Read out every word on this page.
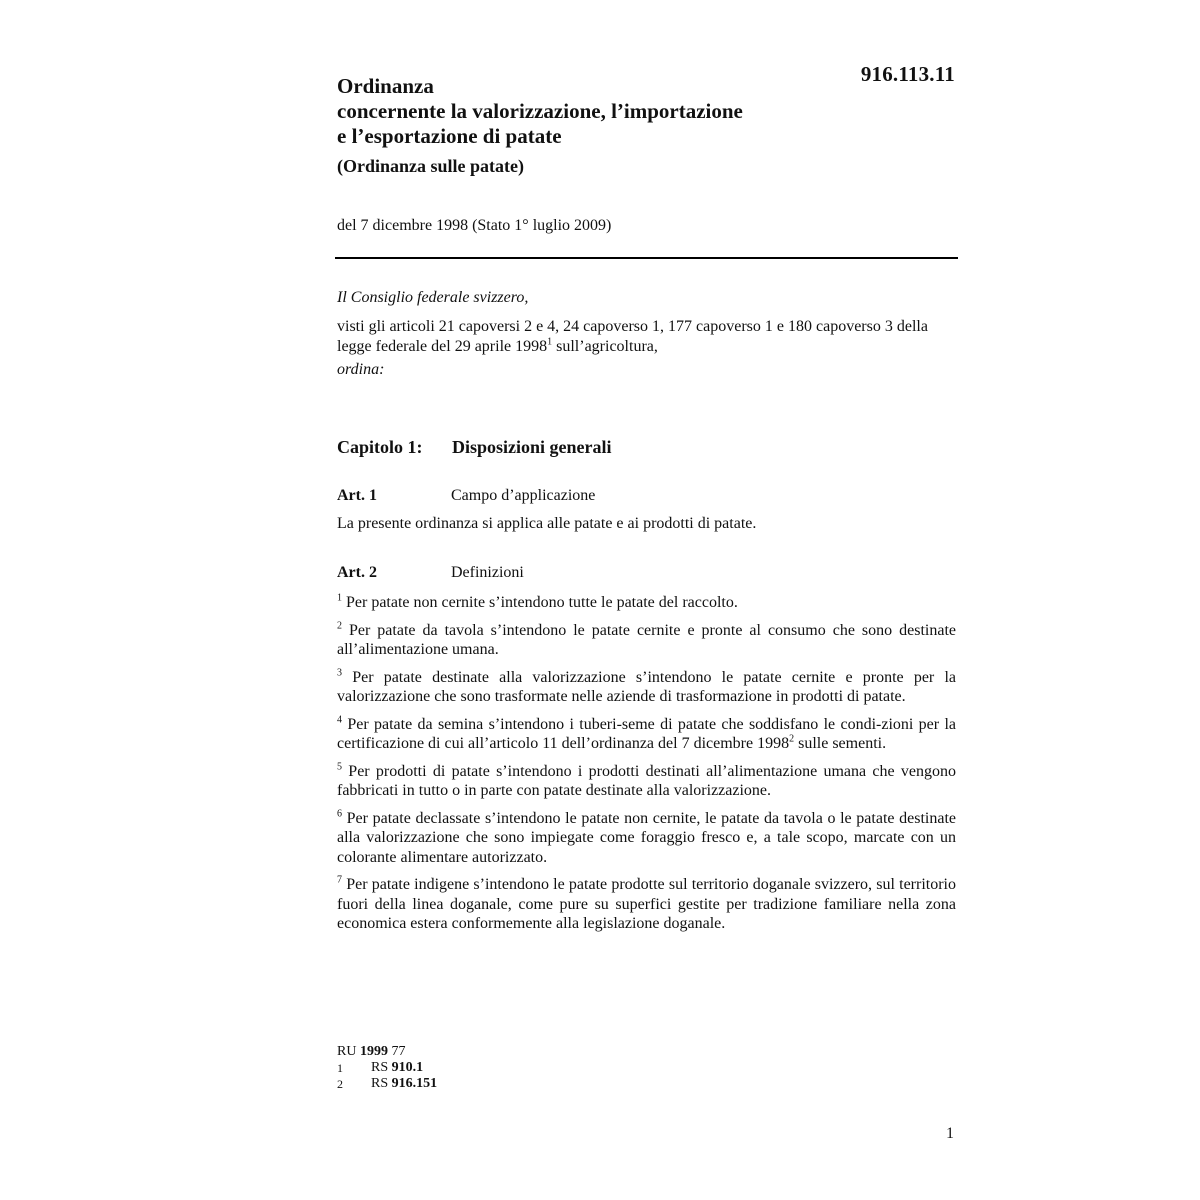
916.113.11

Ordinanza

concernente la valorizzazione, l’importazione

e l’esportazione di patate

(Ordinanza sulle patate)
del 7 dicembre 1998 (Stato 1° luglio 2009)

Il Consiglio federale svizzero,

visti gli articoli 21 capoversi 2 e 4, 24 capoverso 1, 177 capoverso 1 e 180 capoverso 3 della legge federale del 29 aprile 1998$^1$ sull’agricoltura,

ordina:

Capitolo 1:	Disposizioni generali
Art. 1	Campo d’applicazione
La presente ordinanza si applica alle patate e ai prodotti di patate.
Art. 2	Definizioni

$^1$ Per patate non cernite s’intendono tutte le patate del raccolto.

$^2$ Per patate da tavola s’intendono le patate cernite e pronte al consumo che sono destinate all’alimentazione umana.

$^3$ Per patate destinate alla valorizzazione s’intendono le patate cernite e pronte per la valorizzazione che sono trasformate nelle aziende di trasformazione in prodotti di patate.

$^4$ Per patate da semina s’intendono i tuberi-seme di patate che soddisfano le condi-zioni per la certificazione di cui all’articolo 11 dell’ordinanza del 7 dicembre 1998$^2$ sulle sementi.

$^5$ Per prodotti di patate s’intendono i prodotti destinati all’alimentazione umana che vengono fabbricati in tutto o in parte con patate destinate alla valorizzazione.

$^6$ Per patate declassate s’intendono le patate non cernite, le patate da tavola o le patate destinate alla valorizzazione che sono impiegate come foraggio fresco e, a tale scopo, marcate con un colorante alimentare autorizzato.

$^7$ Per patate indigene s’intendono le patate prodotte sul territorio doganale svizzero, sul territorio fuori della linea doganale, come pure su superfici gestite per tradizione familiare nella zona economica estera conformemente alla legislazione doganale.

RU 1999 77
1	RS 910.1
2	RS 916.151
1
